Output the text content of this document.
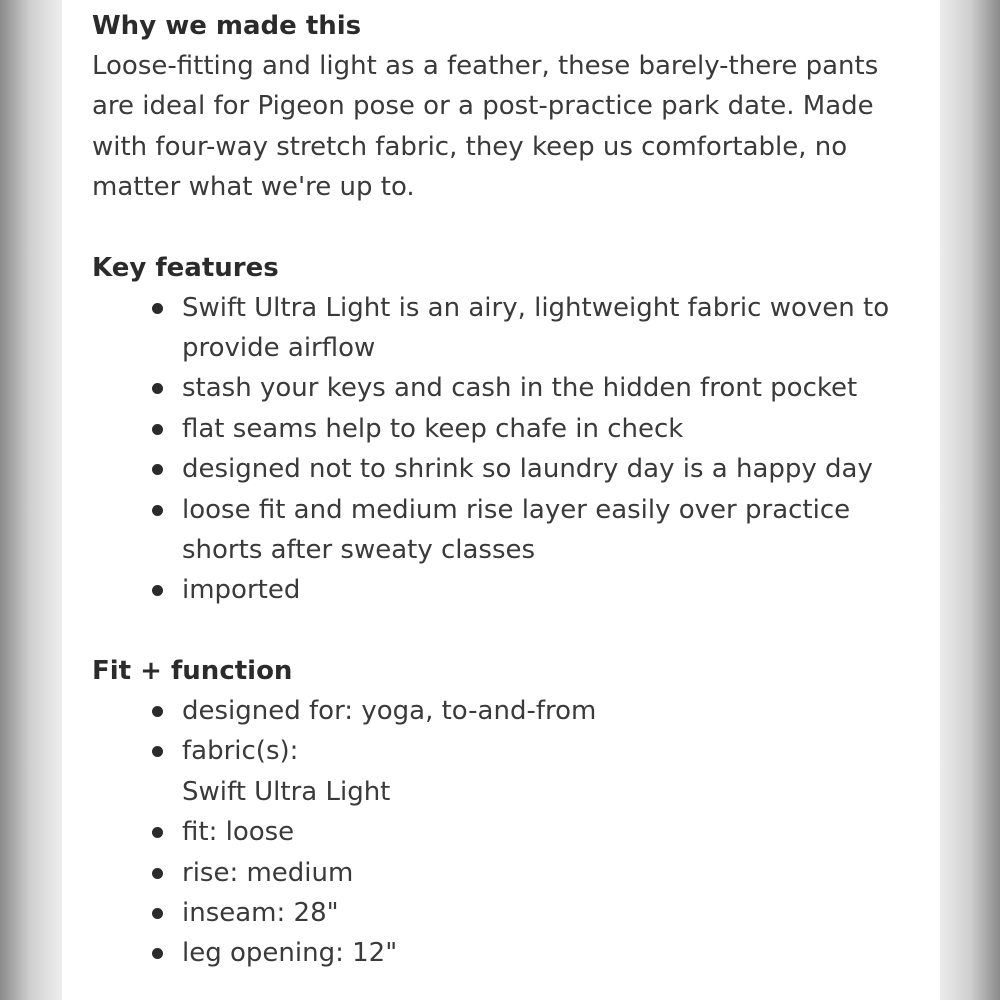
Why we made this

Loose-fitting and light as a feather, these barely-there pants
are ideal for Pigeon pose or a post-practice park date. Made
with four-way stretch fabric, they keep us comfortable, no
matter what we're up to.

Key features
Swift Ultra Light is an airy, lightweight fabric woven to
provide airflow
stash your keys and cash in the hidden front pocket
flat seams help to keep chafe in check
designed not to shrink so laundry day is a happy day
loose fit and medium rise layer easily over practice
shorts after sweaty classes
imported
Fit + function
designed for: yoga, to-and-from
fabric(s):
Swift Ultra Light
fit: loose
rise: medium
inseam: 28"
leg opening: 12"
